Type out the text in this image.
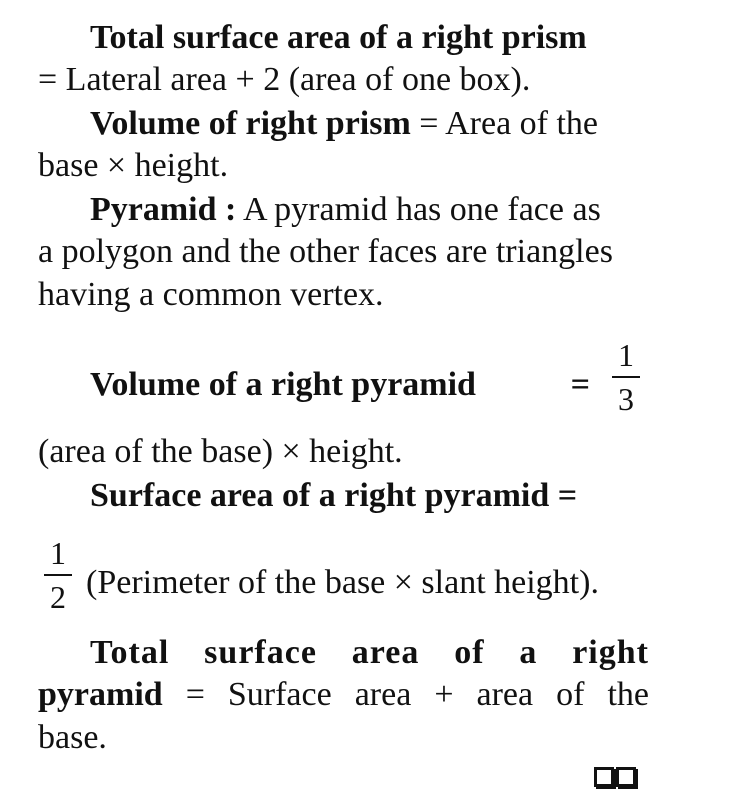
Total surface area of a right prism
= Lateral area + 2 (area of one box).
Volume of right prism = Area of the
base × height.
Pyramid : A pyramid has one face as
a polygon and the other faces are triangles
having a common vertex.
Volume of a right pyramid	=
1
3
(area of the base) × height.
Surface area of a right pyramid =
1
2 (Perimeter of the base × slant height).
Total surface area of a right
pyramid = Surface area + area of the
base.
